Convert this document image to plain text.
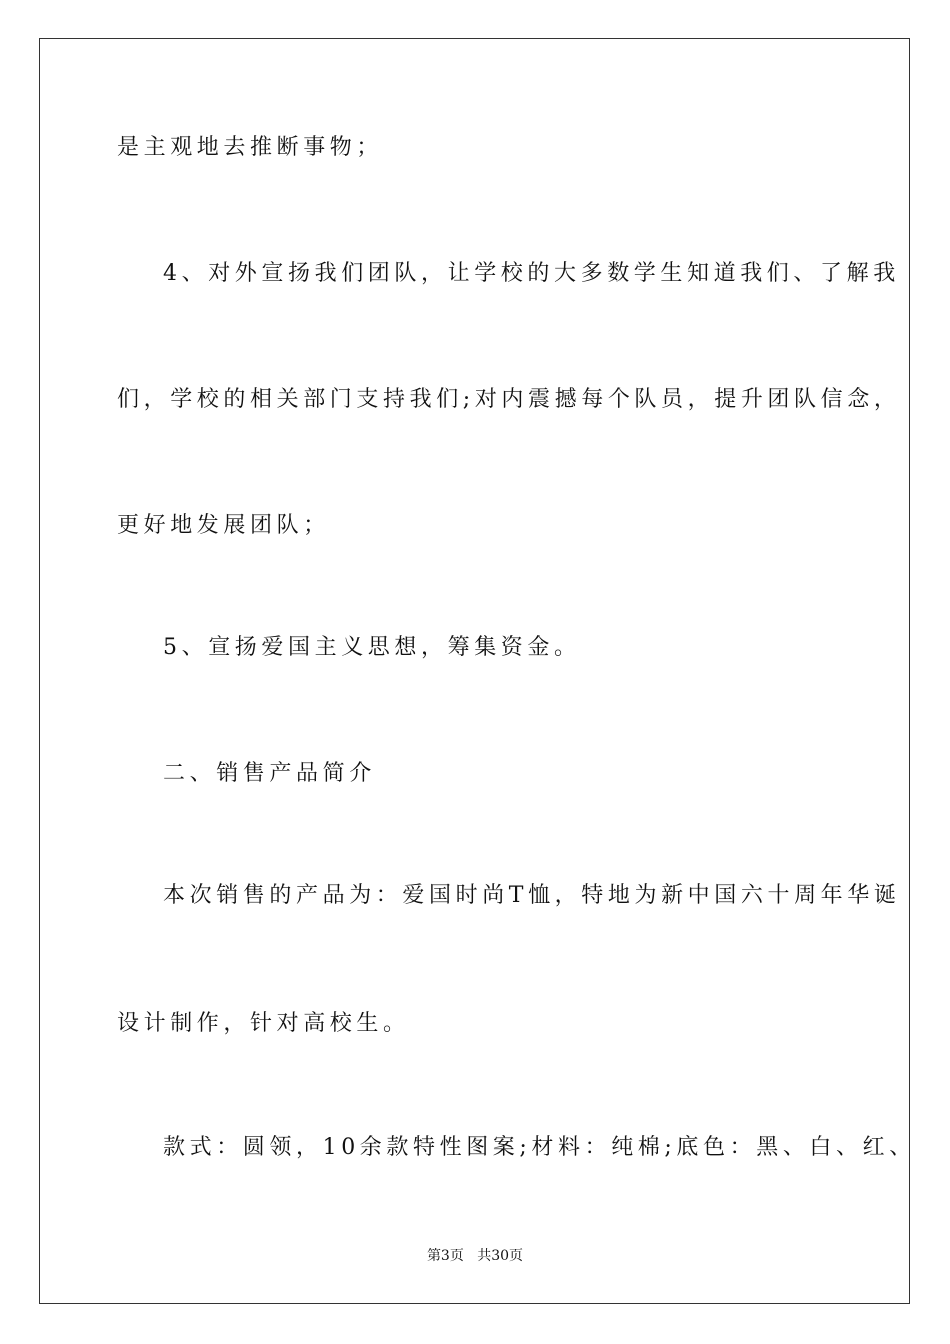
是主观地去推断事物；
4、对外宣扬我们团队，让学校的大多数学生知道我们、了解我
们，学校的相关部门支持我们;对内震撼每个队员，提升团队信念，
更好地发展团队；
5、宣扬爱国主义思想，筹集资金。
二、销售产品简介
本次销售的产品为：爱国时尚T恤，特地为新中国六十周年华诞
设计制作，针对高校生。
款式：圆领，10余款特性图案;材料：纯棉;底色：黑、白、红、
第3页 共30页
